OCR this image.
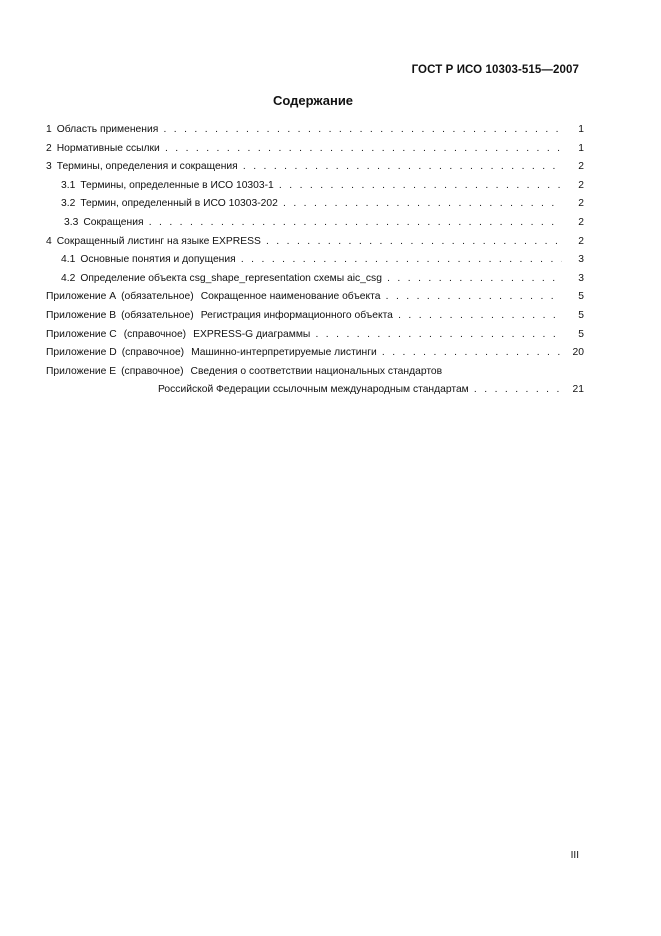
ГОСТ Р ИСО 10303-515—2007
Содержание
1 Область применения . . .	1
2 Нормативные ссылки . . .	1
3 Термины, определения и сокращения . . .	2
3.1 Термины, определенные в ИСО 10303-1 . . .	2
3.2 Термин, определенный в ИСО 10303-202 . . .	2
3.3 Сокращения . . .	2
4 Сокращенный листинг на языке EXPRESS . . .	2
4.1 Основные понятия и допущения . . .	3
4.2 Определение объекта csg_shape_representation схемы aic_csg . . .	3
Приложение А (обязательное) Сокращенное наименование объекта . . .	5
Приложение В (обязательное) Регистрация информационного объекта . . .	5
Приложение С (справочное) EXPRESS-G диаграммы . . .	5
Приложение D (справочное) Машинно-интерпретируемые листинги . . .	20
Приложение Е (справочное) Сведения о соответствии национальных стандартов
Российской Федерации ссылочным международным стандартам . . .	21
III
